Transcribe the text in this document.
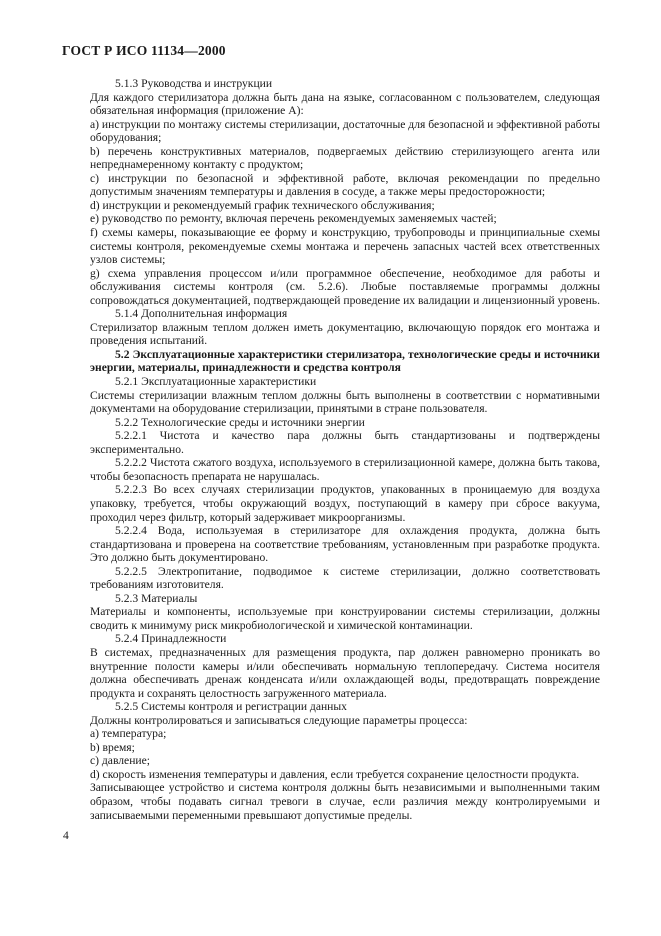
ГОСТ Р ИСО 11134—2000

5.1.3 Руководства и инструкции

Для каждого стерилизатора должна быть дана на языке, согласованном с пользователем, следующая обязательная информация (приложение А):

a) инструкции по монтажу системы стерилизации, достаточные для безопасной и эффективной работы оборудования;

b) перечень конструктивных материалов, подвергаемых действию стерилизующего агента или непреднамеренному контакту с продуктом;

c) инструкции по безопасной и эффективной работе, включая рекомендации по предельно допустимым значениям температуры и давления в сосуде, а также меры предосторожности;

d) инструкции и рекомендуемый график технического обслуживания;

e) руководство по ремонту, включая перечень рекомендуемых заменяемых частей;

f) схемы камеры, показывающие ее форму и конструкцию, трубопроводы и принципиальные схемы системы контроля, рекомендуемые схемы монтажа и перечень запасных частей всех ответственных узлов системы;

g) схема управления процессом и/или программное обеспечение, необходимое для работы и обслуживания системы контроля (см. 5.2.6). Любые поставляемые программы должны сопровождаться документацией, подтверждающей проведение их валидации и лицензионный уровень.

5.1.4 Дополнительная информация

Стерилизатор влажным теплом должен иметь документацию, включающую порядок его монтажа и проведения испытаний.

5.2 Эксплуатационные характеристики стерилизатора, технологические среды и источники энергии, материалы, принадлежности и средства контроля

5.2.1 Эксплуатационные характеристики

Системы стерилизации влажным теплом должны быть выполнены в соответствии с нормативными документами на оборудование стерилизации, принятыми в стране пользователя.

5.2.2 Технологические среды и источники энергии

5.2.2.1 Чистота и качество пара должны быть стандартизованы и подтверждены экспериментально.

5.2.2.2 Чистота сжатого воздуха, используемого в стерилизационной камере, должна быть такова, чтобы безопасность препарата не нарушалась.

5.2.2.3 Во всех случаях стерилизации продуктов, упакованных в проницаемую для воздуха упаковку, требуется, чтобы окружающий воздух, поступающий в камеру при сбросе вакуума, проходил через фильтр, который задерживает микроорганизмы.

5.2.2.4 Вода, используемая в стерилизаторе для охлаждения продукта, должна быть стандартизована и проверена на соответствие требованиям, установленным при разработке продукта. Это должно быть документировано.

5.2.2.5 Электропитание, подводимое к системе стерилизации, должно соответствовать требованиям изготовителя.

5.2.3 Материалы

Материалы и компоненты, используемые при конструировании системы стерилизации, должны сводить к минимуму риск микробиологической и химической контаминации.

5.2.4 Принадлежности

В системах, предназначенных для размещения продукта, пар должен равномерно проникать во внутренние полости камеры и/или обеспечивать нормальную теплопередачу. Система носителя должна обеспечивать дренаж конденсата и/или охлаждающей воды, предотвращать повреждение продукта и сохранять целостность загруженного материала.

5.2.5 Системы контроля и регистрации данных

Должны контролироваться и записываться следующие параметры процесса:

a) температура;

b) время;

c) давление;

d) скорость изменения температуры и давления, если требуется сохранение целостности продукта.

Записывающее устройство и система контроля должны быть независимыми и выполненными таким образом, чтобы подавать сигнал тревоги в случае, если различия между контролируемыми и записываемыми переменными превышают допустимые пределы.

4
